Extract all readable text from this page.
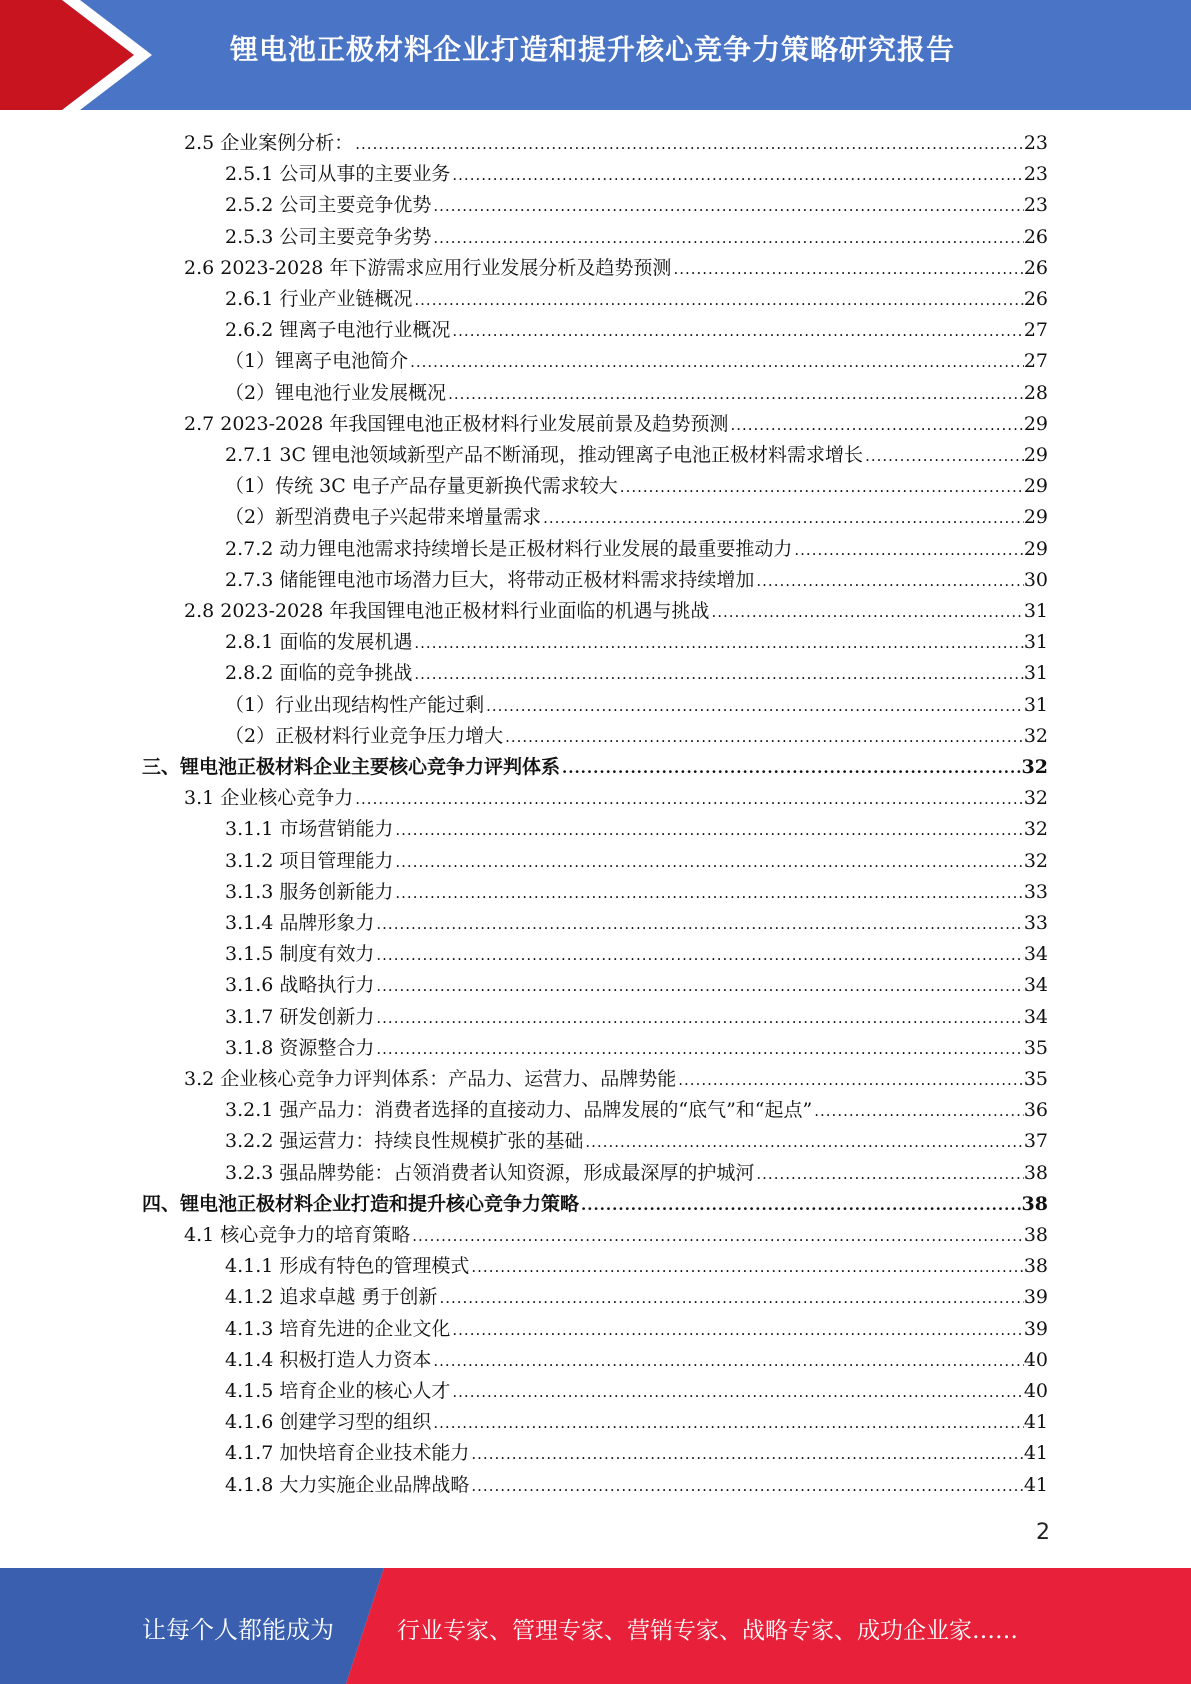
锂电池正极材料企业打造和提升核心竞争力策略研究报告
2.5 企业案例分析： .....	23
2.5.1 公司从事的主要业务 .....	23
2.5.2 公司主要竞争优势 .....	23
2.5.3 公司主要竞争劣势 .....	26
2.6 2023-2028 年下游需求应用行业发展分析及趋势预测 .....	26
2.6.1 行业产业链概况 .....	26
2.6.2 锂离子电池行业概况 .....	27
（1）锂离子电池简介 .....	27
（2）锂电池行业发展概况 .....	28
2.7 2023-2028 年我国锂电池正极材料行业发展前景及趋势预测 .....	29
2.7.1 3C 锂电池领域新型产品不断涌现，推动锂离子电池正极材料需求增长 .....	29
（1）传统 3C 电子产品存量更新换代需求较大 .....	29
（2）新型消费电子兴起带来增量需求 .....	29
2.7.2 动力锂电池需求持续增长是正极材料行业发展的最重要推动力 .....	29
2.7.3 储能锂电池市场潜力巨大，将带动正极材料需求持续增加 .....	30
2.8 2023-2028 年我国锂电池正极材料行业面临的机遇与挑战 .....	31
2.8.1 面临的发展机遇 .....	31
2.8.2 面临的竞争挑战 .....	31
（1）行业出现结构性产能过剩 .....	31
（2）正极材料行业竞争压力增大 .....	32
三、锂电池正极材料企业主要核心竞争力评判体系 .....	32
3.1 企业核心竞争力 .....	32
3.1.1 市场营销能力 .....	32
3.1.2 项目管理能力 .....	32
3.1.3 服务创新能力 .....	33
3.1.4 品牌形象力 .....	33
3.1.5 制度有效力 .....	34
3.1.6 战略执行力 .....	34
3.1.7 研发创新力 .....	34
3.1.8 资源整合力 .....	35
3.2 企业核心竞争力评判体系：产品力、运营力、品牌势能 .....	35
3.2.1 强产品力：消费者选择的直接动力、品牌发展的“底气”和“起点” .....	36
3.2.2 强运营力：持续良性规模扩张的基础 .....	37
3.2.3 强品牌势能：占领消费者认知资源，形成最深厚的护城河 .....	38
四、锂电池正极材料企业打造和提升核心竞争力策略 .....	38
4.1 核心竞争力的培育策略 .....	38
4.1.1 形成有特色的管理模式 .....	38
4.1.2 追求卓越 勇于创新 .....	39
4.1.3 培育先进的企业文化 .....	39
4.1.4 积极打造人力资本 .....	40
4.1.5 培育企业的核心人才 .....	40
4.1.6 创建学习型的组织 .....	41
4.1.7 加快培育企业技术能力 .....	41
4.1.8 大力实施企业品牌战略 .....	41
2
让每个人都能成为	行业专家、管理专家、营销专家、战略专家、成功企业家……
